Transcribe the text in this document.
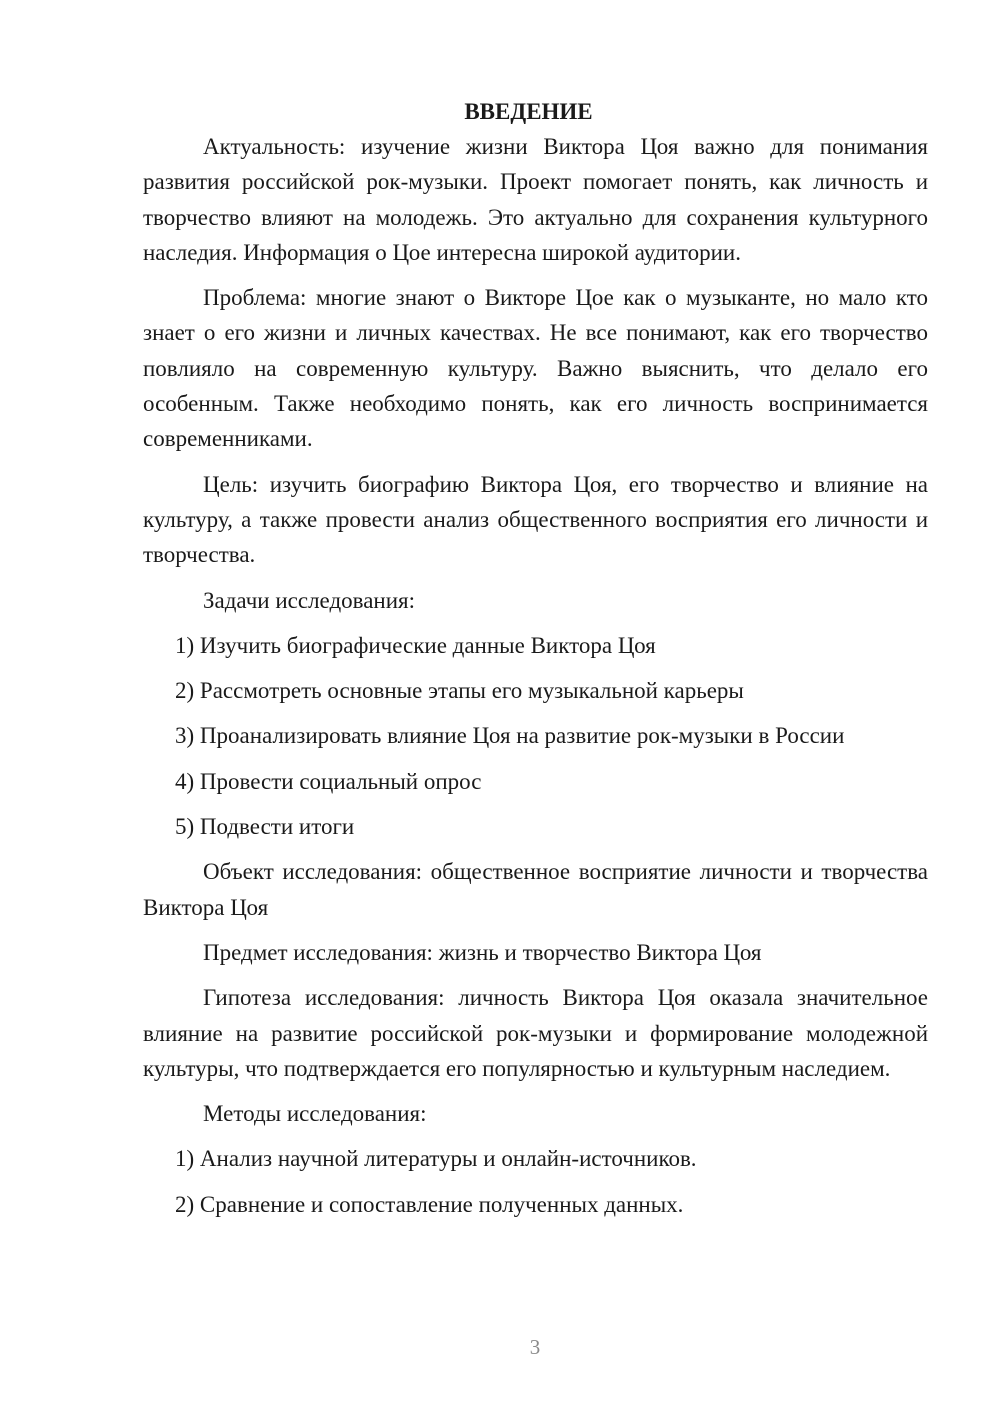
ВВЕДЕНИЕ

Актуальность: изучение жизни Виктора Цоя важно для понимания развития российской рок-музыки. Проект помогает понять, как личность и творчество влияют на молодежь. Это актуально для сохранения культурного наследия. Информация о Цое интересна широкой аудитории.

Проблема: многие знают о Викторе Цое как о музыканте, но мало кто знает о его жизни и личных качествах. Не все понимают, как его творчество повлияло на современную культуру. Важно выяснить, что делало его особенным. Также необходимо понять, как его личность воспринимается современниками.

Цель: изучить биографию Виктора Цоя, его творчество и влияние на культуру, а также провести анализ общественного восприятия его личности и творчества.

Задачи исследования:

1) Изучить биографические данные Виктора Цоя

2) Рассмотреть основные этапы его музыкальной карьеры

3) Проанализировать влияние Цоя на развитие рок-музыки в России

4) Провести социальный опрос

5) Подвести итоги

Объект исследования: общественное восприятие личности и творчества Виктора Цоя

Предмет исследования: жизнь и творчество Виктора Цоя

Гипотеза исследования: личность Виктора Цоя оказала значительное влияние на развитие российской рок-музыки и формирование молодежной культуры, что подтверждается его популярностью и культурным наследием.

Методы исследования:

1) Анализ научной литературы и онлайн-источников.

2) Сравнение и сопоставление полученных данных.

3
